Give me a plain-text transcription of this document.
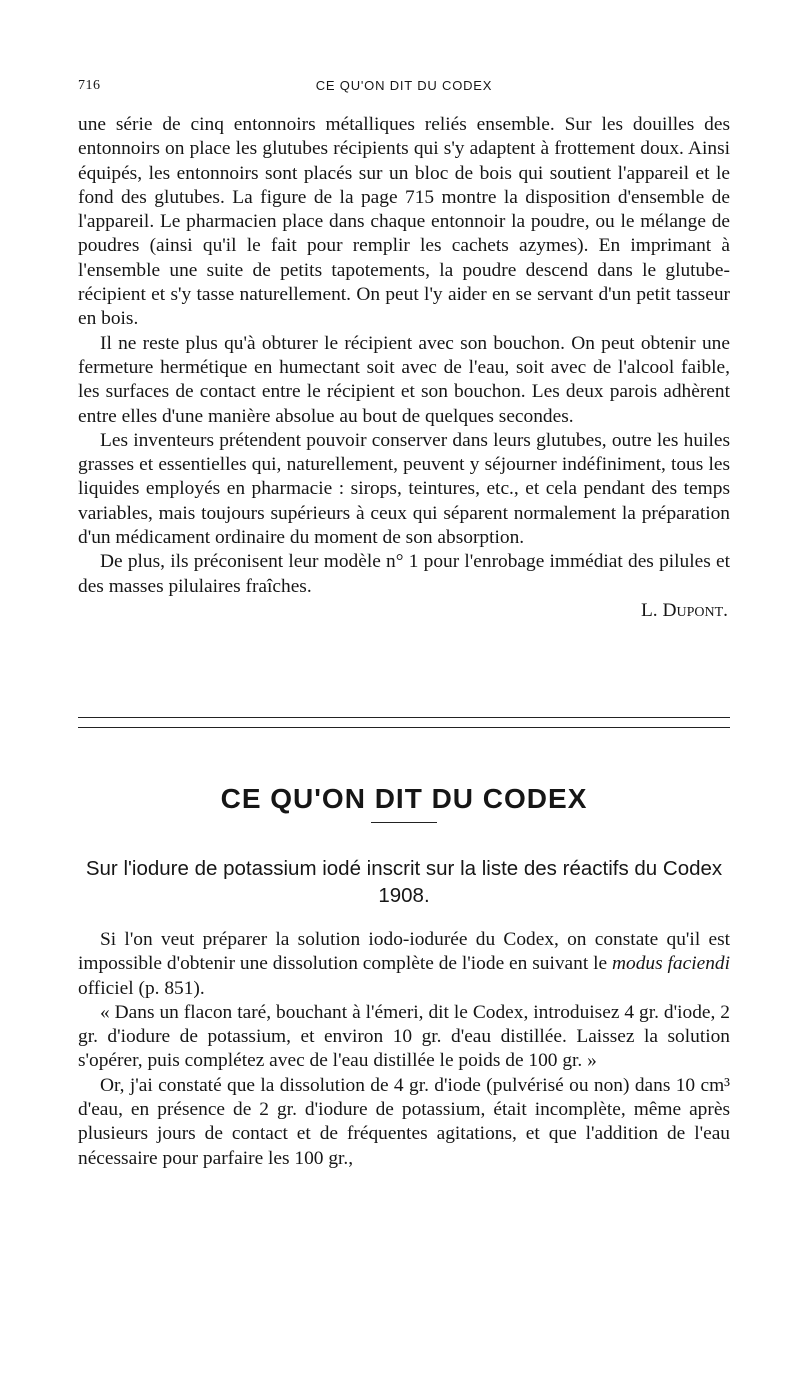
716	CE QU'ON DIT DU CODEX

une série de cinq entonnoirs métalliques reliés ensemble. Sur les douilles des entonnoirs on place les glutubes récipients qui s'y adaptent à frottement doux. Ainsi équipés, les entonnoirs sont placés sur un bloc de bois qui soutient l'appareil et le fond des glutubes. La figure de la page 715 montre la disposition d'ensemble de l'appareil. Le pharmacien place dans chaque entonnoir la poudre, ou le mélange de poudres (ainsi qu'il le fait pour remplir les cachets azymes). En imprimant à l'ensemble une suite de petits tapotements, la poudre descend dans le glutube-récipient et s'y tasse naturellement. On peut l'y aider en se servant d'un petit tasseur en bois.

Il ne reste plus qu'à obturer le récipient avec son bouchon. On peut obtenir une fermeture hermétique en humectant soit avec de l'eau, soit avec de l'alcool faible, les surfaces de contact entre le récipient et son bouchon. Les deux parois adhèrent entre elles d'une manière absolue au bout de quelques secondes.

Les inventeurs prétendent pouvoir conserver dans leurs glutubes, outre les huiles grasses et essentielles qui, naturellement, peuvent y séjourner indéfiniment, tous les liquides employés en pharmacie : sirops, teintures, etc., et cela pendant des temps variables, mais toujours supérieurs à ceux qui séparent normalement la préparation d'un médicament ordinaire du moment de son absorption.

De plus, ils préconisent leur modèle n° 1 pour l'enrobage immédiat des pilules et des masses pilulaires fraîches.

L. Dupont.

CE QU'ON DIT DU CODEX
Sur l'iodure de potassium iodé inscrit sur la liste des réactifs du Codex 1908.

Si l'on veut préparer la solution iodo-iodurée du Codex, on constate qu'il est impossible d'obtenir une dissolution complète de l'iode en suivant le modus faciendi officiel (p. 851).

« Dans un flacon taré, bouchant à l'émeri, dit le Codex, introduisez 4 gr. d'iode, 2 gr. d'iodure de potassium, et environ 10 gr. d'eau distillée. Laissez la solution s'opérer, puis complétez avec de l'eau distillée le poids de 100 gr. »

Or, j'ai constaté que la dissolution de 4 gr. d'iode (pulvérisé ou non) dans 10 cm³ d'eau, en présence de 2 gr. d'iodure de potassium, était incomplète, même après plusieurs jours de contact et de fréquentes agitations, et que l'addition de l'eau nécessaire pour parfaire les 100 gr.,
